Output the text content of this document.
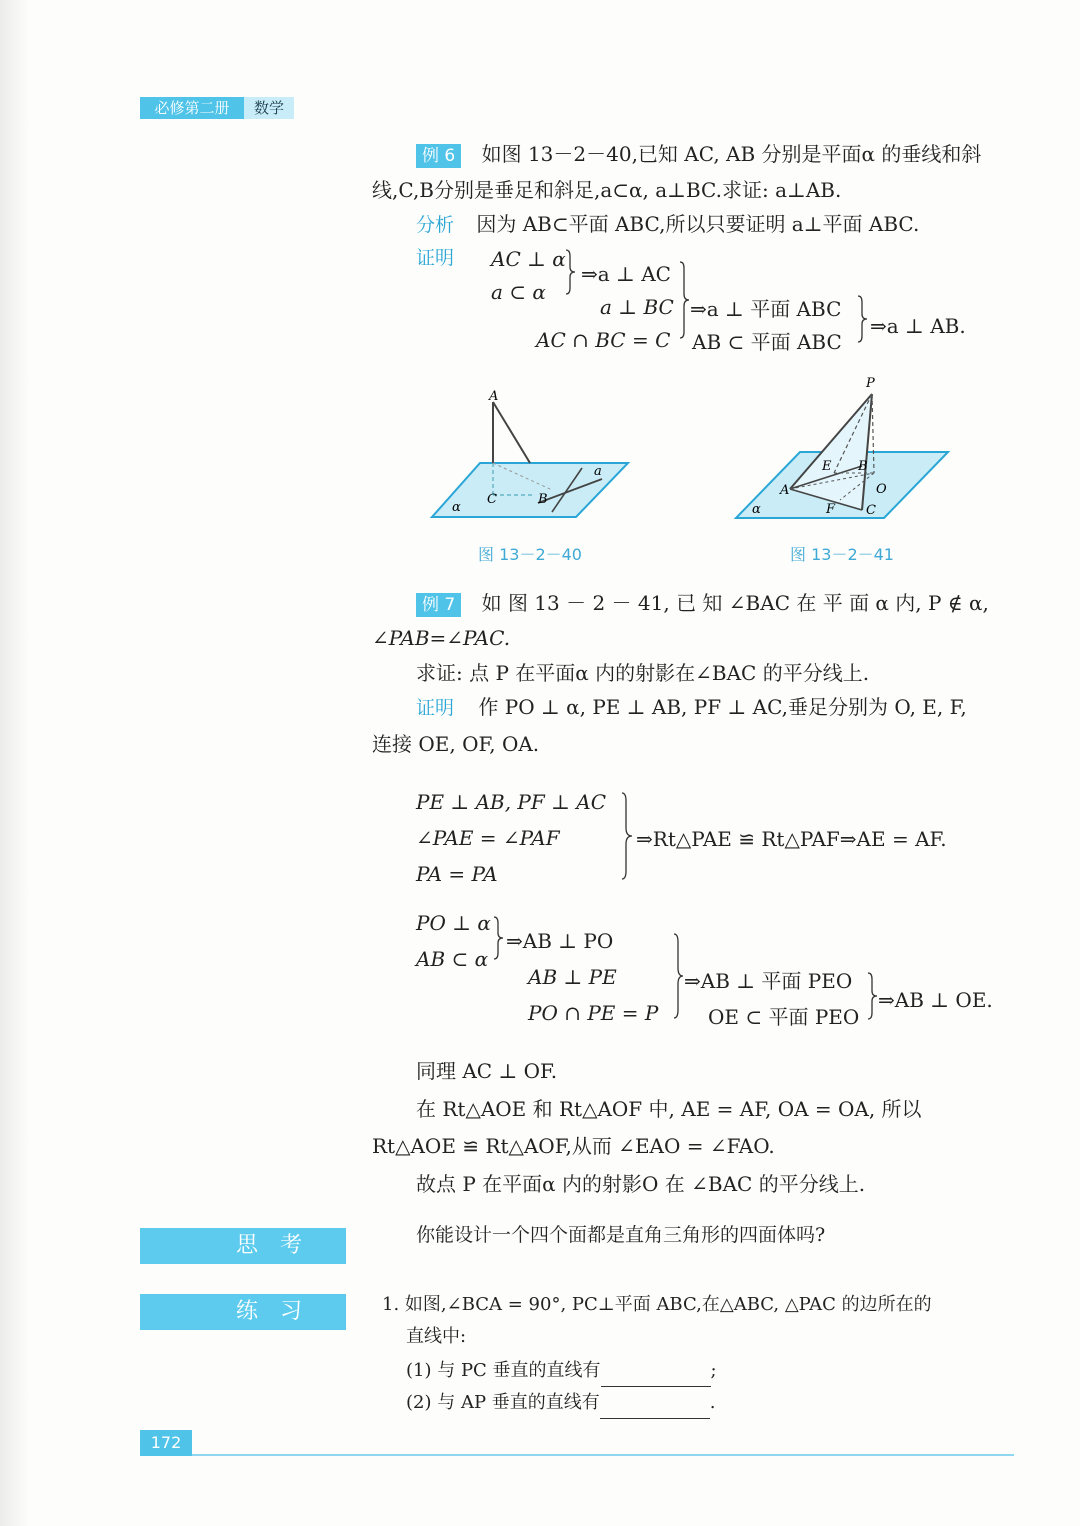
必修第二册	数学
例 6 如图 13－2－40,已知 AC, AB 分别是平面α 的垂线和斜
线,C,B分别是垂足和斜足,a⊂α, a⊥BC.求证: a⊥AB.
分析 因为 AB⊂平面 ABC,所以只要证明 a⊥平面 ABC.
证明 AC ⊥ α
a ⊂ α
⇒a ⊥ AC
a ⊥ BC
AC ∩ BC = C
⇒a ⊥ 平面 ABC
AB ⊂ 平面 ABC
⇒a ⊥ AB.
A
C	B
a
α
图 13－2－40
P
E B
A	O
F C
α
图 13－2－41
例 7 如 图 13 － 2 － 41, 已 知 ∠BAC 在 平 面 α 内, P ∉ α,
∠PAB=∠PAC.
求证: 点 P 在平面α 内的射影在∠BAC 的平分线上.
证明 作 PO ⊥ α, PE ⊥ AB, PF ⊥ AC,垂足分别为 O, E, F,
连接 OE, OF, OA.
PE ⊥ AB, PF ⊥ AC
∠PAE = ∠PAF
PA = PA
⇒Rt△PAE ≌ Rt△PAF⇒AE = AF.
PO ⊥ α
AB ⊂ α
⇒AB ⊥ PO
AB ⊥ PE
PO ∩ PE = P
⇒AB ⊥ 平面 PEO
OE ⊂ 平面 PEO
⇒AB ⊥ OE.
同理 AC ⊥ OF.
在 Rt△AOE 和 Rt△AOF 中, AE = AF, OA = OA, 所以
Rt△AOE ≌ Rt△AOF,从而 ∠EAO = ∠FAO.
故点 P 在平面α 内的射影O 在 ∠BAC 的平分线上.
思考	你能设计一个四个面都是直角三角形的四面体吗?
练习	1. 如图,∠BCA = 90°, PC⊥平面 ABC,在△ABC, △PAC 的边所在的
直线中:
(1) 与 PC 垂直的直线有	;
(2) 与 AP 垂直的直线有	.
172
